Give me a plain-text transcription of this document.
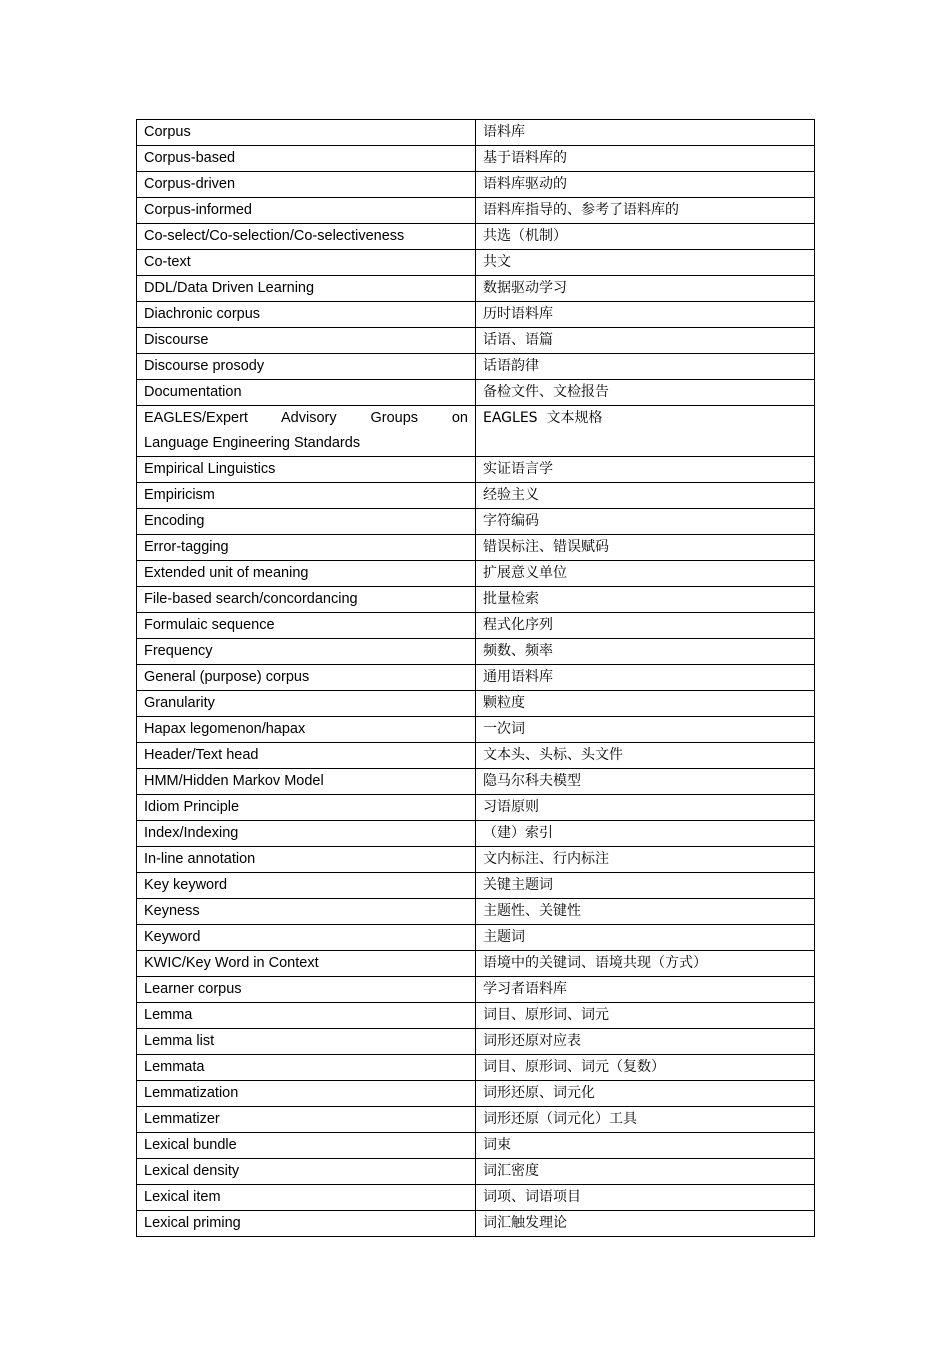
Corpus	语料库
Corpus-based	基于语料库的
Corpus-driven	语料库驱动的
Corpus-informed	语料库指导的、参考了语料库的
Co-select/Co-selection/Co-selectiveness	共选（机制）
Co-text	共文
DDL/Data Driven Learning	数据驱动学习
Diachronic corpus	历时语料库
Discourse	话语、语篇
Discourse prosody	话语韵律
Documentation	备检文件、文检报告

EAGLES/Expert Advisory Groups on
Language Engineering Standards	EAGLES  文本规格

Empirical Linguistics	实证语言学
Empiricism	经验主义
Encoding	字符编码
Error-tagging	错误标注、错误赋码
Extended unit of meaning	扩展意义单位
File-based search/concordancing	批量检索
Formulaic sequence	程式化序列
Frequency	频数、频率
General (purpose) corpus	通用语料库
Granularity	颗粒度
Hapax legomenon/hapax	一次词
Header/Text head	文本头、头标、头文件
HMM/Hidden Markov Model	隐马尔科夫模型
Idiom Principle	习语原则
Index/Indexing	（建）索引
In-line annotation	文内标注、行内标注
Key keyword	关键主题词
Keyness	主题性、关键性
Keyword	主题词
KWIC/Key Word in Context	语境中的关键词、语境共现（方式）
Learner corpus	学习者语料库
Lemma	词目、原形词、词元
Lemma list	词形还原对应表
Lemmata	词目、原形词、词元（复数）
Lemmatization	词形还原、词元化
Lemmatizer	词形还原（词元化）工具
Lexical bundle	词束
Lexical density	词汇密度
Lexical item	词项、词语项目
Lexical priming	词汇触发理论
